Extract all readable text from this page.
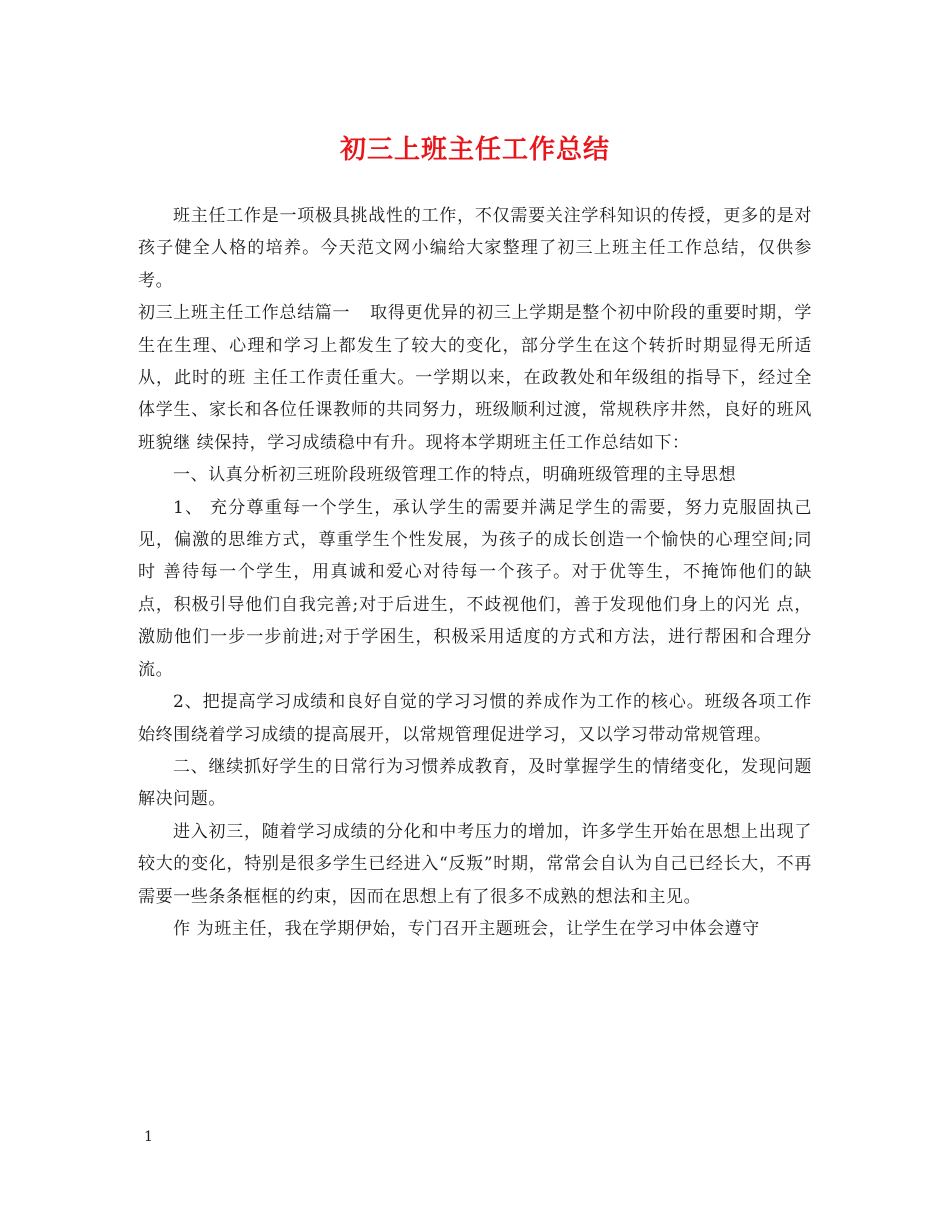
初三上班主任工作总结

班主任工作是一项极具挑战性的工作，不仅需要关注学科知识的传授，更多的是对孩子健全人格的培养。今天范文网小编给大家整理了初三上班主任工作总结，仅供参考。

初三上班主任工作总结篇一 取得更优异的初三上学期是整个初中阶段的重要时期，学生在生理、心理和学习上都发生了较大的变化，部分学生在这个转折时期显得无所适从，此时的班 主任工作责任重大。一学期以来，在政教处和年级组的指导下，经过全体学生、家长和各位任课教师的共同努力，班级顺利过渡，常规秩序井然，良好的班风班貌继 续保持，学习成绩稳中有升。现将本学期班主任工作总结如下：

一、认真分析初三班阶段班级管理工作的特点，明确班级管理的主导思想

1、 充分尊重每一个学生，承认学生的需要并满足学生的需要，努力克服固执己见，偏激的思维方式，尊重学生个性发展，为孩子的成长创造一个愉快的心理空间;同时 善待每一个学生，用真诚和爱心对待每一个孩子。对于优等生，不掩饰他们的缺点，积极引导他们自我完善;对于后进生，不歧视他们，善于发现他们身上的闪光 点，激励他们一步一步前进;对于学困生，积极采用适度的方式和方法，进行帮困和合理分流。

2、把提高学习成绩和良好自觉的学习习惯的养成作为工作的核心。班级各项工作始终围绕着学习成绩的提高展开，以常规管理促进学习，又以学习带动常规管理。

二、继续抓好学生的日常行为习惯养成教育，及时掌握学生的情绪变化，发现问题解决问题。

进入初三，随着学习成绩的分化和中考压力的增加，许多学生开始在思想上出现了较大的变化，特别是很多学生已经进入“反叛”时期，常常会自认为自己已经长大，不再需要一些条条框框的约束，因而在思想上有了很多不成熟的想法和主见。

作 为班主任，我在学期伊始，专门召开主题班会，让学生在学习中体会遵守

1
